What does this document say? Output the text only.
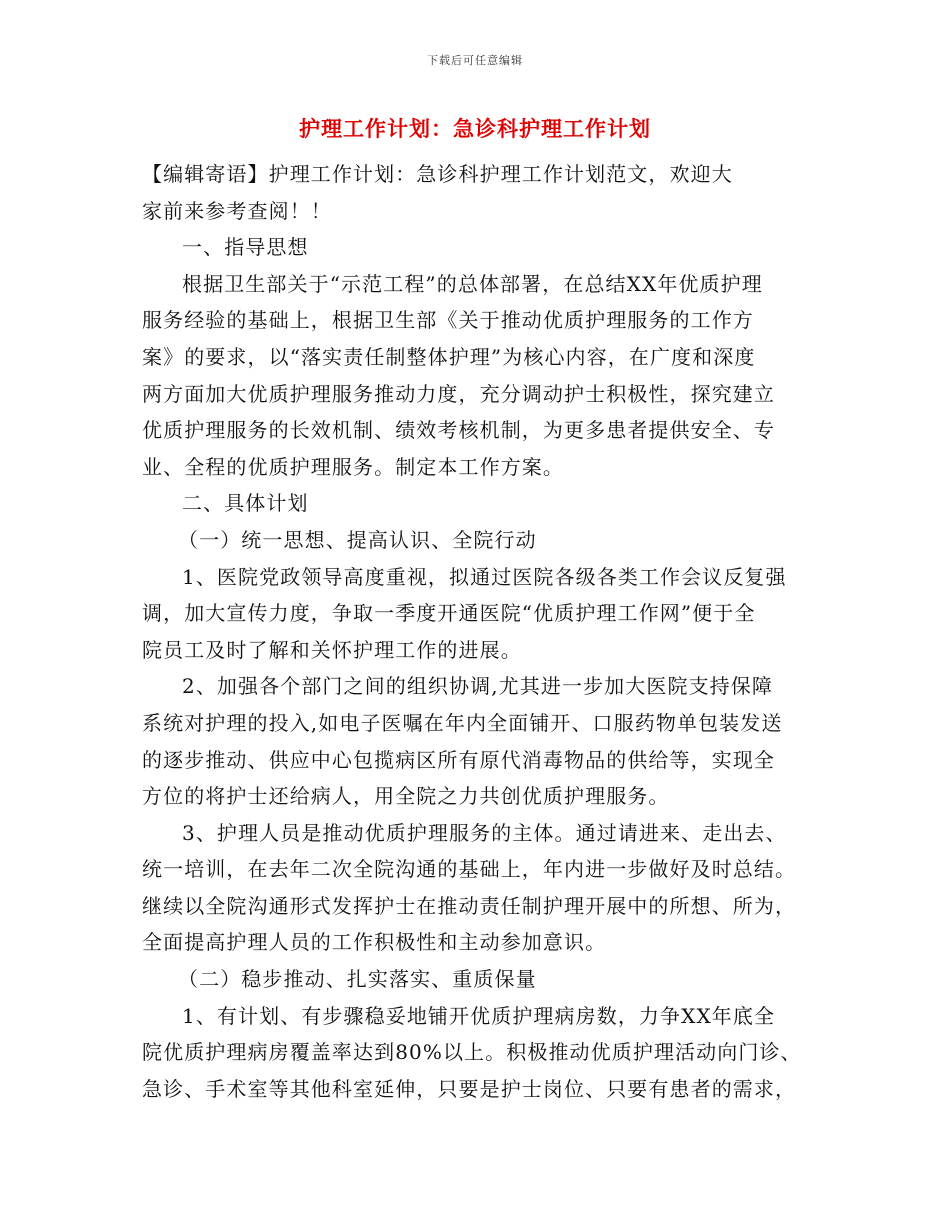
下载后可任意编辑
护理工作计划：急诊科护理工作计划
【编辑寄语】护理工作计划：急诊科护理工作计划范文，欢迎大
家前来参考查阅！！
一、指导思想
根据卫生部关于“示范工程”的总体部署，在总结XX年优质护理
服务经验的基础上，根据卫生部《关于推动优质护理服务的工作方
案》的要求，以“落实责任制整体护理”为核心内容，在广度和深度
两方面加大优质护理服务推动力度，充分调动护士积极性，探究建立
优质护理服务的长效机制、绩效考核机制，为更多患者提供安全、专
业、全程的优质护理服务。制定本工作方案。
二、具体计划
（一）统一思想、提高认识、全院行动
1、医院党政领导高度重视，拟通过医院各级各类工作会议反复强
调，加大宣传力度，争取一季度开通医院“优质护理工作网”便于全
院员工及时了解和关怀护理工作的进展。
2、加强各个部门之间的组织协调,尤其进一步加大医院支持保障
系统对护理的投入,如电子医嘱在年内全面铺开、口服药物单包装发送
的逐步推动、供应中心包揽病区所有原代消毒物品的供给等，实现全
方位的将护士还给病人，用全院之力共创优质护理服务。
3、护理人员是推动优质护理服务的主体。通过请进来、走出去、
统一培训，在去年二次全院沟通的基础上，年内进一步做好及时总结。
继续以全院沟通形式发挥护士在推动责任制护理开展中的所想、所为，
全面提高护理人员的工作积极性和主动参加意识。
（二）稳步推动、扎实落实、重质保量
1、有计划、有步骤稳妥地铺开优质护理病房数，力争XX年底全
院优质护理病房覆盖率达到80%以上。积极推动优质护理活动向门诊、
急诊、手术室等其他科室延伸，只要是护士岗位、只要有患者的需求，
